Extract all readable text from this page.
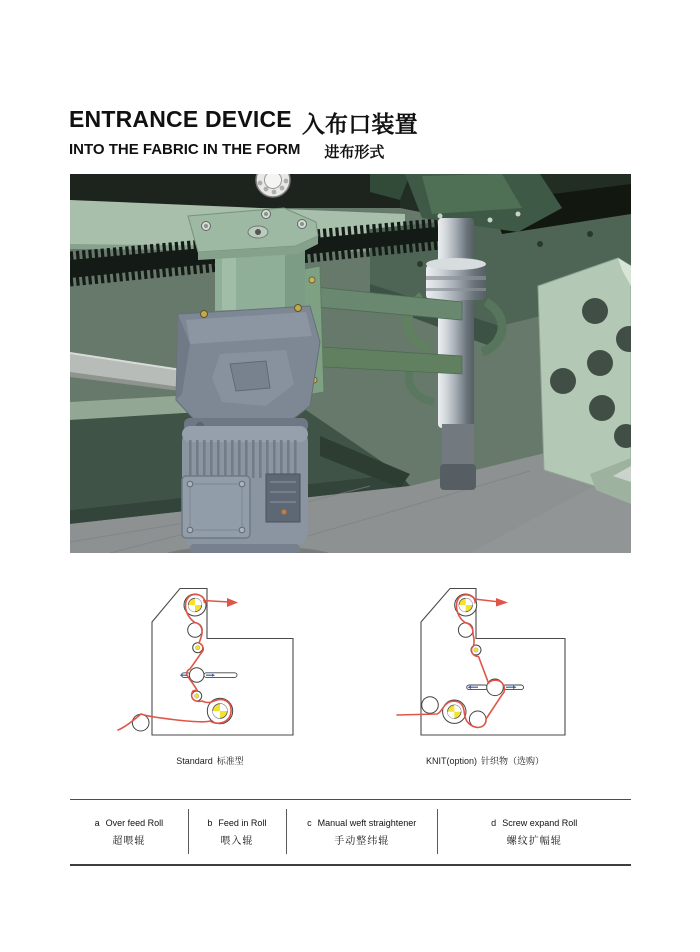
ENTRANCE DEVICE 入布口装置
INTO THE FABRIC IN THE FORM 进布形式
Standard 标准型	KNIT(option) 针织物（选购）
a Over feed Roll
超喂辊
b Feed in Roll
喂入辊
c Manual weft straightener
手动整纬辊
d Screw expand Roll
螺纹扩幅辊
